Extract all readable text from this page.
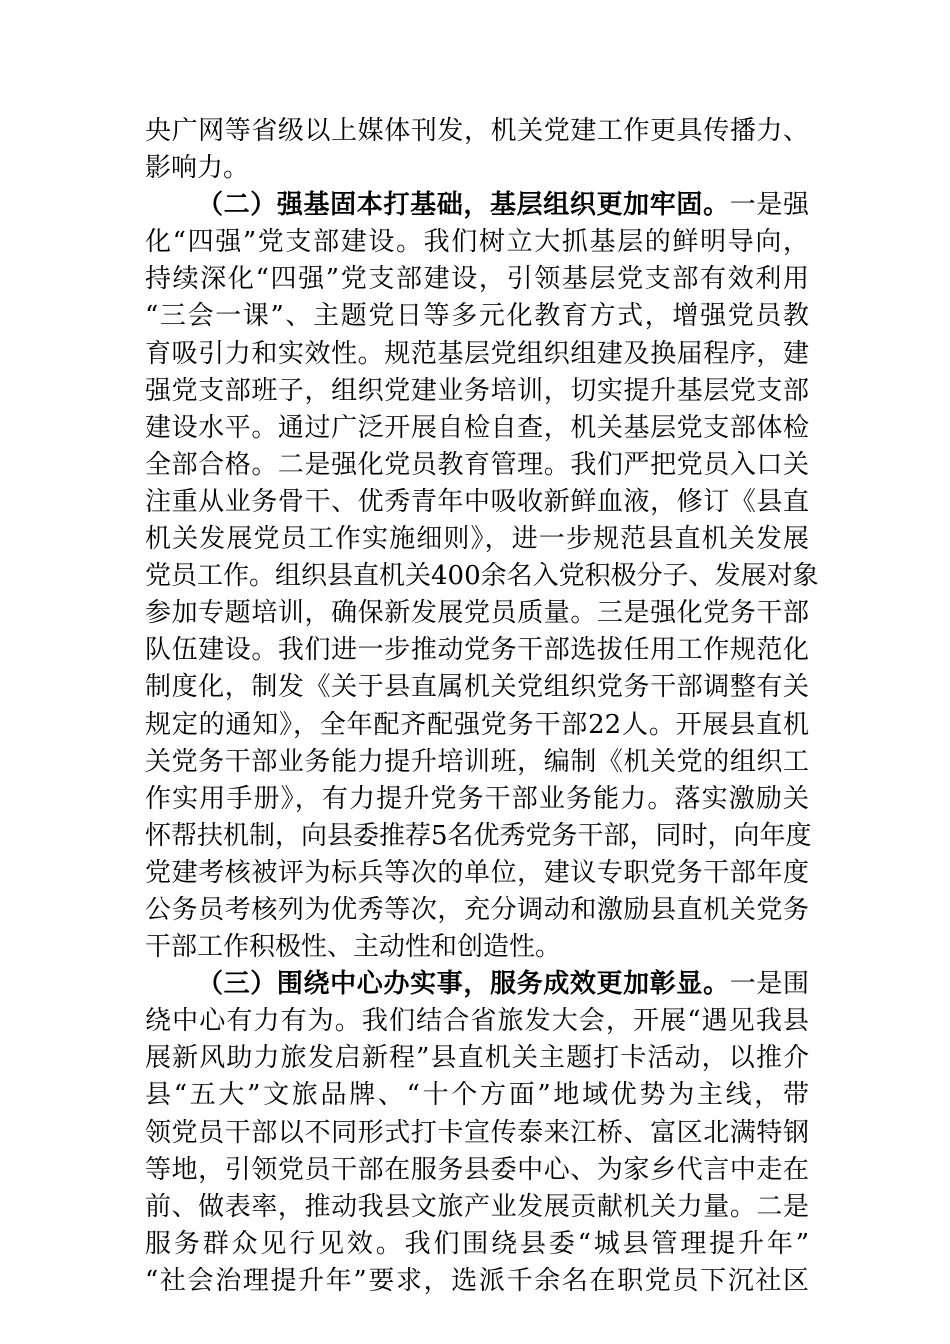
央广网等省级以上媒体刊发，机关党建工作更具传播力、
影响力。
（二）强基固本打基础，基层组织更加牢固。一是强
化“四强”党支部建设。我们树立大抓基层的鲜明导向，
持续深化“四强”党支部建设，引领基层党支部有效利用
“三会一课”、主题党日等多元化教育方式，增强党员教
育吸引力和实效性。规范基层党组织组建及换届程序，建
强党支部班子，组织党建业务培训，切实提升基层党支部
建设水平。通过广泛开展自检自查，机关基层党支部体检
全部合格。二是强化党员教育管理。我们严把党员入口关
注重从业务骨干、优秀青年中吸收新鲜血液，修订《县直
机关发展党员工作实施细则》，进一步规范县直机关发展
党员工作。组织县直机关400余名入党积极分子、发展对象
参加专题培训，确保新发展党员质量。三是强化党务干部
队伍建设。我们进一步推动党务干部选拔任用工作规范化
制度化，制发《关于县直属机关党组织党务干部调整有关
规定的通知》，全年配齐配强党务干部22人。开展县直机
关党务干部业务能力提升培训班，编制《机关党的组织工
作实用手册》，有力提升党务干部业务能力。落实激励关
怀帮扶机制，向县委推荐5名优秀党务干部，同时，向年度
党建考核被评为标兵等次的单位，建议专职党务干部年度
公务员考核列为优秀等次，充分调动和激励县直机关党务
干部工作积极性、主动性和创造性。
（三）围绕中心办实事，服务成效更加彰显。一是围
绕中心有力有为。我们结合省旅发大会，开展“遇见我县
展新风助力旅发启新程”县直机关主题打卡活动，以推介
县“五大”文旅品牌、“十个方面”地域优势为主线，带
领党员干部以不同形式打卡宣传泰来江桥、富区北满特钢
等地，引领党员干部在服务县委中心、为家乡代言中走在
前、做表率，推动我县文旅产业发展贡献机关力量。二是
服务群众见行见效。我们围绕县委“城县管理提升年”
“社会治理提升年”要求，选派千余名在职党员下沉社区
